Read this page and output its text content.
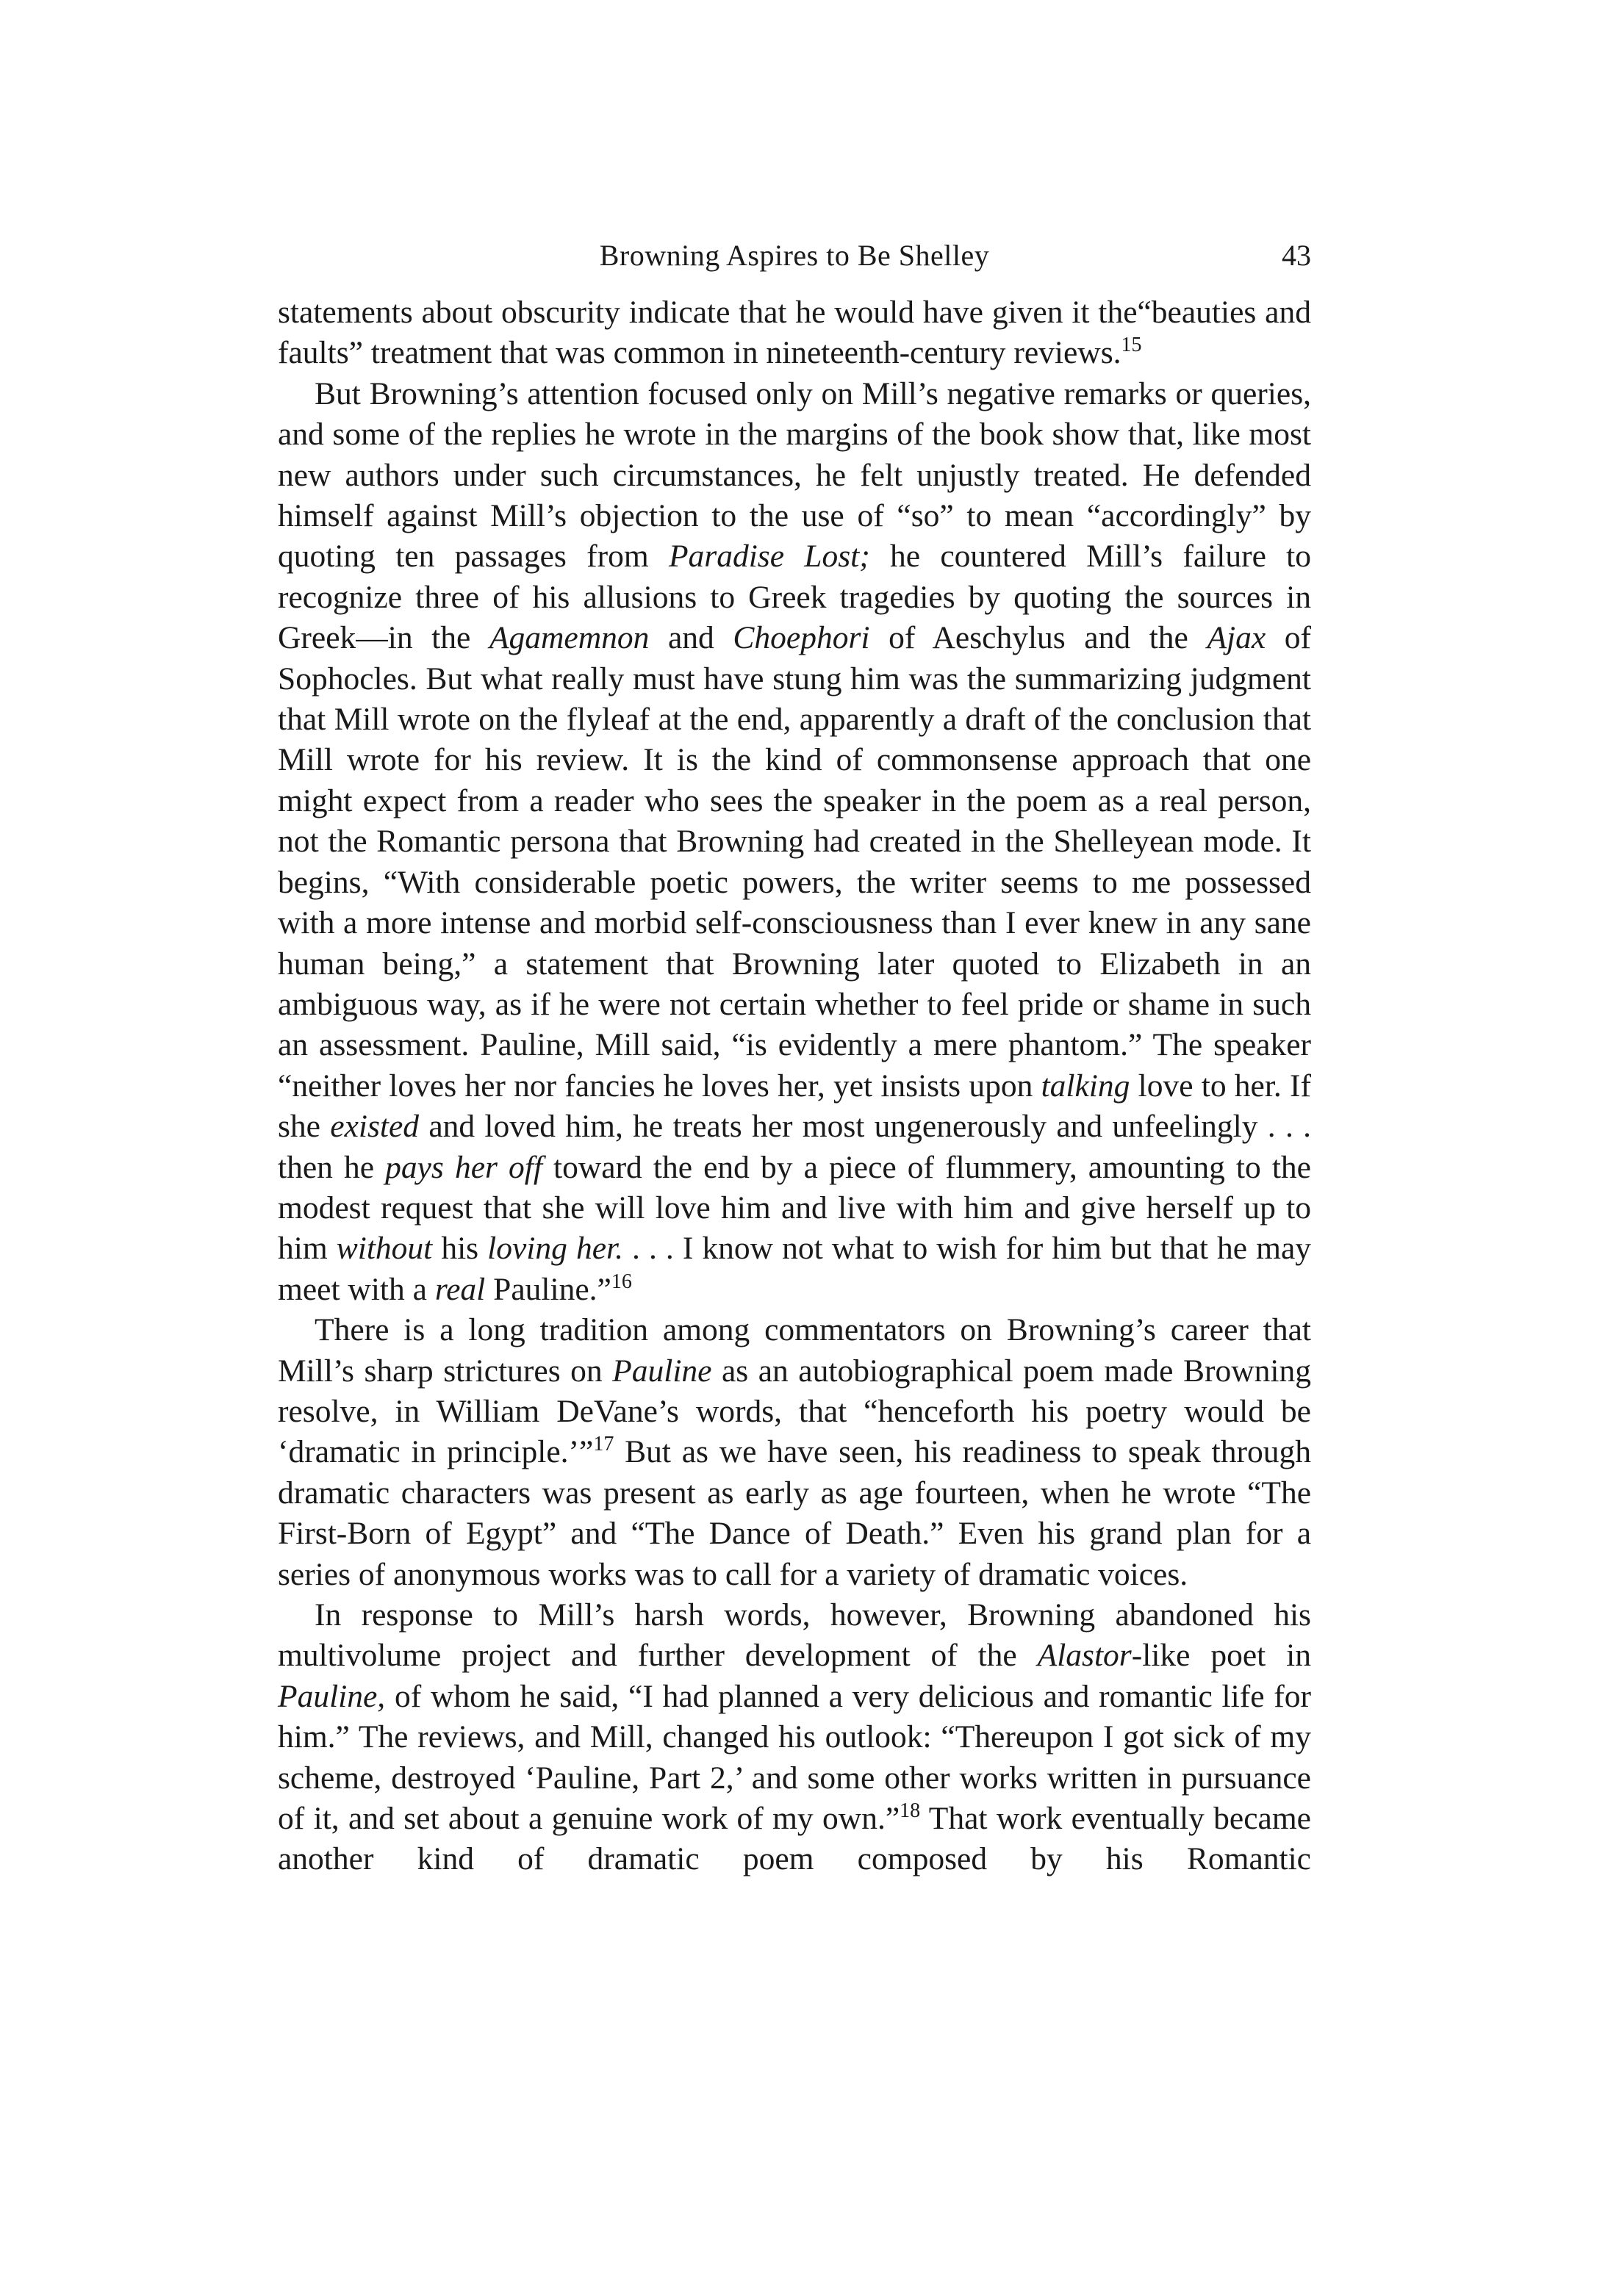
Browning Aspires to Be Shelley	43

statements about obscurity indicate that he would have given it the“beauties and faults” treatment that was common in nineteenth-century reviews.$^{15}$

But Browning’s attention focused only on Mill’s negative remarks or queries, and some of the replies he wrote in the margins of the book show that, like most new authors under such circumstances, he felt unjustly treated. He defended himself against Mill’s objection to the use of “so” to mean “accordingly” by quoting ten passages from Paradise Lost; he countered Mill’s failure to recognize three of his allusions to Greek tragedies by quoting the sources in Greek—in the Agamemnon and Choephori of Aeschylus and the Ajax of Sophocles. But what really must have stung him was the summarizing judgment that Mill wrote on the flyleaf at the end, apparently a draft of the conclusion that Mill wrote for his review. It is the kind of commonsense approach that one might expect from a reader who sees the speaker in the poem as a real person, not the Romantic persona that Browning had created in the Shelleyean mode. It begins, “With considerable poetic powers, the writer seems to me possessed with a more intense and morbid self-consciousness than I ever knew in any sane human being,” a statement that Browning later quoted to Elizabeth in an ambiguous way, as if he were not certain whether to feel pride or shame in such an assessment. Pauline, Mill said, “is evidently a mere phantom.” The speaker “neither loves her nor fancies he loves her, yet insists upon talking love to her. If she existed and loved him, he treats her most ungenerously and unfeelingly . . . then he pays her off toward the end by a piece of flummery, amounting to the modest request that she will love him and live with him and give herself up to him without his loving her. . . . I know not what to wish for him but that he may meet with a real Pauline.”$^{16}$

There is a long tradition among commentators on Browning’s career that Mill’s sharp strictures on Pauline as an autobiographical poem made Browning resolve, in William DeVane’s words, that “henceforth his poetry would be ‘dramatic in principle.’”$^{17}$ But as we have seen, his readiness to speak through dramatic characters was present as early as age fourteen, when he wrote “The First-Born of Egypt” and “The Dance of Death.” Even his grand plan for a series of anonymous works was to call for a variety of dramatic voices.

In response to Mill’s harsh words, however, Browning abandoned his multivolume project and further development of the Alastor-like poet in Pauline, of whom he said, “I had planned a very delicious and romantic life for him.” The reviews, and Mill, changed his outlook: “Thereupon I got sick of my scheme, destroyed ‘Pauline, Part 2,’ and some other works written in pursuance of it, and set about a genuine work of my own.”$^{18}$ That work eventually became another kind of dramatic poem composed by his Romantic
